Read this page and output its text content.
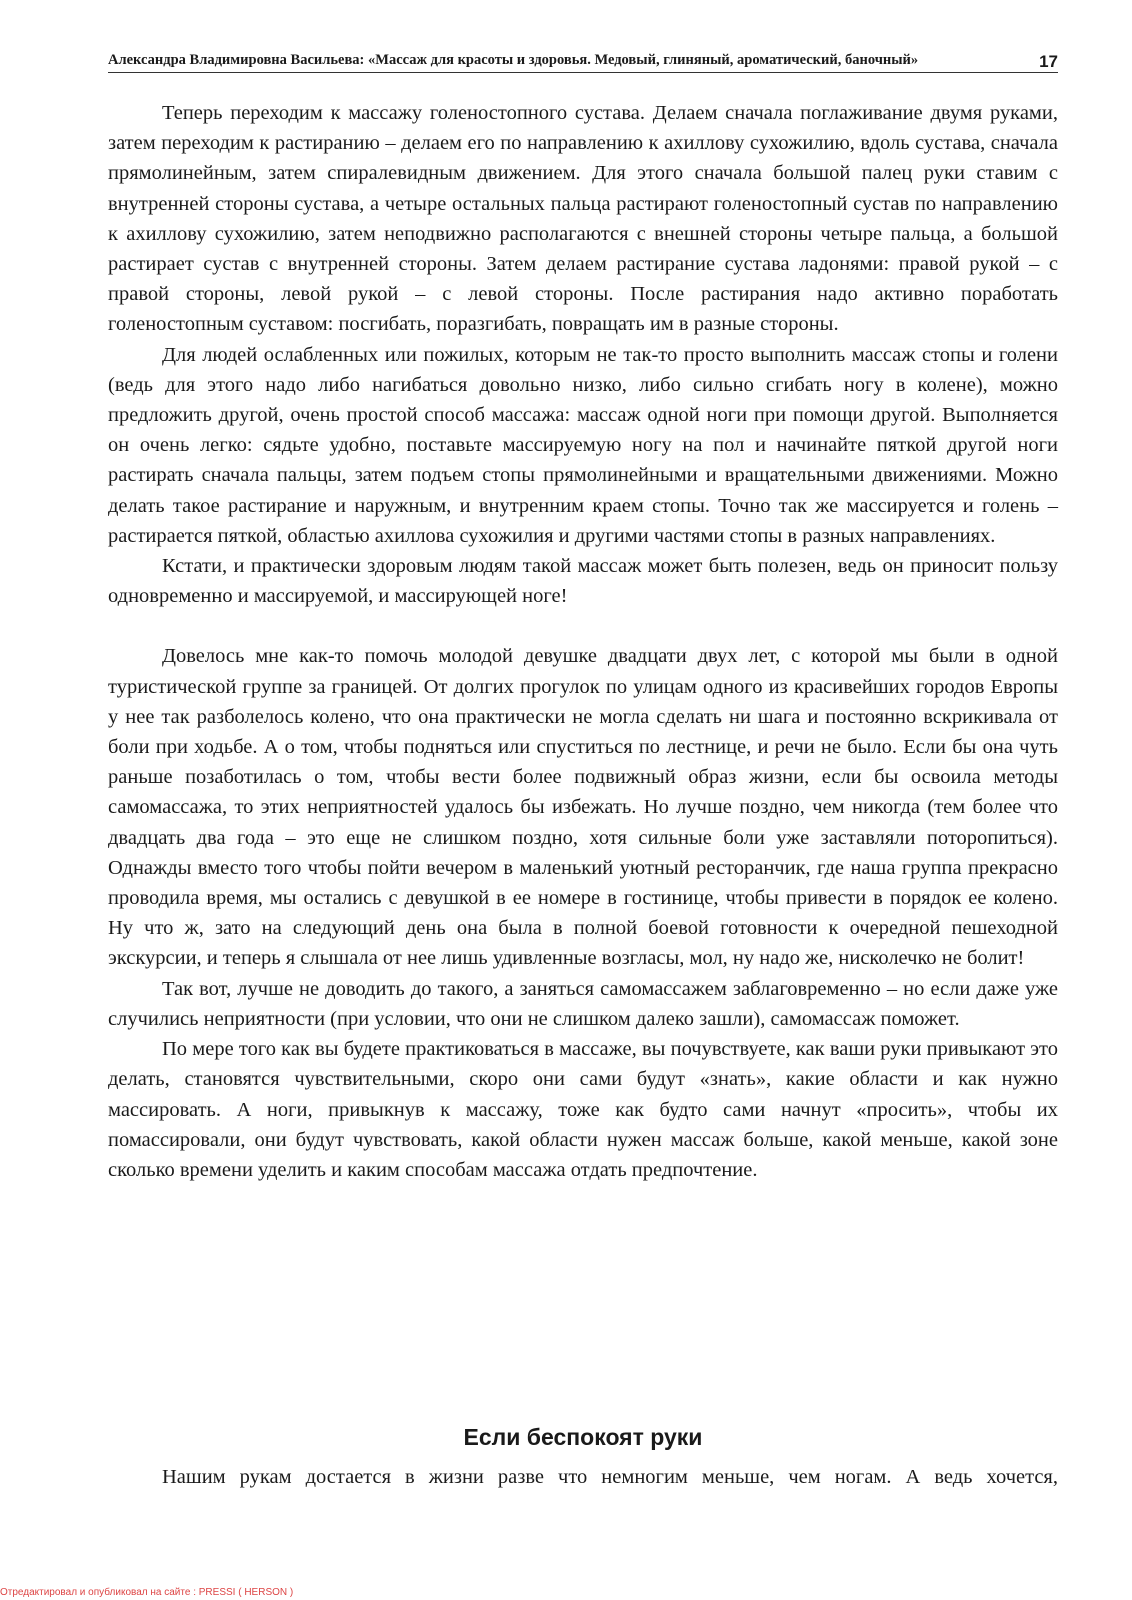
Александра Владимировна Васильева: «Массаж для красоты и здоровья. Медовый, глиняный, ароматический, баночный»	17

Теперь переходим к массажу голеностопного сустава. Делаем сначала поглаживание двумя руками, затем переходим к растиранию – делаем его по направлению к ахиллову сухожилию, вдоль сустава, сначала прямолинейным, затем спиралевидным движением. Для этого сначала большой палец руки ставим с внутренней стороны сустава, а четыре остальных пальца растирают голеностопный сустав по направлению к ахиллову сухожилию, затем неподвижно располагаются с внешней стороны четыре пальца, а большой растирает сустав с внутренней стороны. Затем делаем растирание сустава ладонями: правой рукой – с правой стороны, левой рукой – с левой стороны. После растирания надо активно поработать голеностопным суставом: посгибать, поразгибать, повращать им в разные стороны.

Для людей ослабленных или пожилых, которым не так-то просто выполнить массаж стопы и голени (ведь для этого надо либо нагибаться довольно низко, либо сильно сгибать ногу в колене), можно предложить другой, очень простой способ массажа: массаж одной ноги при помощи другой. Выполняется он очень легко: сядьте удобно, поставьте массируемую ногу на пол и начинайте пяткой другой ноги растирать сначала пальцы, затем подъем стопы прямолинейными и вращательными движениями. Можно делать такое растирание и наружным, и внутренним краем стопы. Точно так же массируется и голень – растирается пяткой, областью ахиллова сухожилия и другими частями стопы в разных направлениях.

Кстати, и практически здоровым людям такой массаж может быть полезен, ведь он приносит пользу одновременно и массируемой, и массирующей ноге!

Довелось мне как-то помочь молодой девушке двадцати двух лет, с которой мы были в одной туристической группе за границей. От долгих прогулок по улицам одного из красивейших городов Европы у нее так разболелось колено, что она практически не могла сделать ни шага и постоянно вскрикивала от боли при ходьбе. А о том, чтобы подняться или спуститься по лестнице, и речи не было. Если бы она чуть раньше позаботилась о том, чтобы вести более подвижный образ жизни, если бы освоила методы самомассажа, то этих неприятностей удалось бы избежать. Но лучше поздно, чем никогда (тем более что двадцать два года – это еще не слишком поздно, хотя сильные боли уже заставляли поторопиться). Однажды вместо того чтобы пойти вечером в маленький уютный ресторанчик, где наша группа прекрасно проводила время, мы остались с девушкой в ее номере в гостинице, чтобы привести в порядок ее колено. Ну что ж, зато на следующий день она была в полной боевой готовности к очередной пешеходной экскурсии, и теперь я слышала от нее лишь удивленные возгласы, мол, ну надо же, нисколечко не болит!

Так вот, лучше не доводить до такого, а заняться самомассажем заблаговременно – но если даже уже случились неприятности (при условии, что они не слишком далеко зашли), самомассаж поможет.

По мере того как вы будете практиковаться в массаже, вы почувствуете, как ваши руки привыкают это делать, становятся чувствительными, скоро они сами будут «знать», какие области и как нужно массировать. А ноги, привыкнув к массажу, тоже как будто сами начнут «просить», чтобы их помассировали, они будут чувствовать, какой области нужен массаж больше, какой меньше, какой зоне сколько времени уделить и каким способам массажа отдать предпочтение.

Если беспокоят руки

Нашим рукам достается в жизни разве что немногим меньше, чем ногам. А ведь хочется,

Отредактировал и опубликовал на сайте : PRESSI ( HERSON )
